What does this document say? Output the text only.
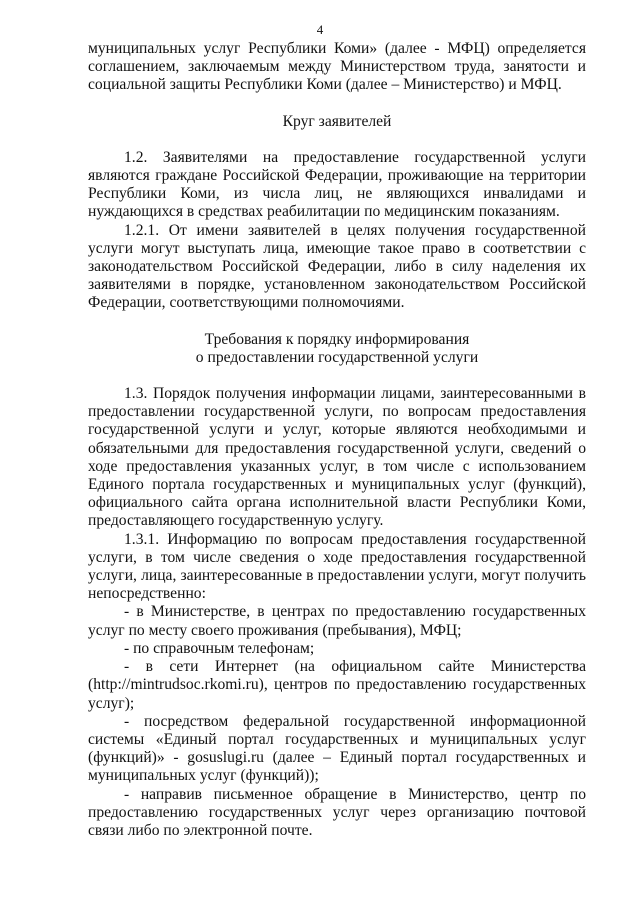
4

муниципальных услуг Республики Коми» (далее - МФЦ) определяется соглашением, заключаемым между Министерством труда, занятости и социальной защиты Республики Коми (далее – Министерство) и МФЦ.

Круг заявителей

1.2. Заявителями на предоставление государственной услуги являются граждане Российской Федерации, проживающие на территории Республики Коми, из числа лиц, не являющихся инвалидами и нуждающихся в средствах реабилитации по медицинским показаниям.

1.2.1. От имени заявителей в целях получения государственной услуги могут выступать лица, имеющие такое право в соответствии с законодательством Российской Федерации, либо в силу наделения их заявителями в порядке, установленном законодательством Российской Федерации, соответствующими полномочиями.

Требования к порядку информирования

о предоставлении государственной услуги

1.3. Порядок получения информации лицами, заинтересованными в предоставлении государственной услуги, по вопросам предоставления государственной услуги и услуг, которые являются необходимыми и обязательными для предоставления государственной услуги, сведений о ходе предоставления указанных услуг, в том числе с использованием Единого портала государственных и муниципальных услуг (функций), официального сайта органа исполнительной власти Республики Коми, предоставляющего государственную услугу.

1.3.1. Информацию по вопросам предоставления государственной услуги, в том числе сведения о ходе предоставления государственной услуги, лица, заинтересованные в предоставлении услуги, могут получить непосредственно:

- в Министерстве, в центрах по предоставлению государственных услуг по месту своего проживания (пребывания), МФЦ;

- по справочным телефонам;

- в сети Интернет (на официальном сайте Министерства (http://mintrudsoc.rkomi.ru), центров по предоставлению государственных услуг);

- посредством федеральной государственной информационной системы «Единый портал государственных и муниципальных услуг (функций)» - gosuslugi.ru (далее – Единый портал государственных и муниципальных услуг (функций));

- направив письменное обращение в Министерство, центр по предоставлению государственных услуг через организацию почтовой связи либо по электронной почте.
